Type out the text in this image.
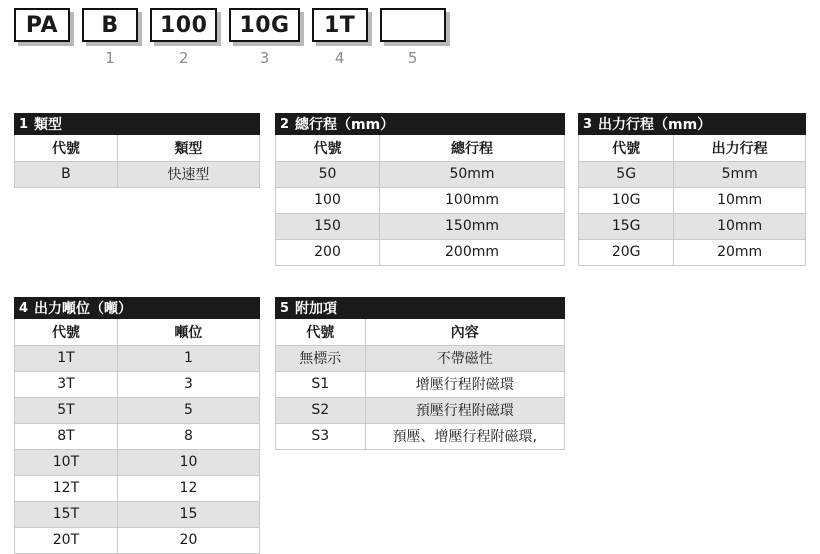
PA	B
1
100
2
10G
3
1T
4	5
1 類型
代號	類型
B	快速型
2 總行程（mm）
代號	總行程
50	50mm
100	100mm
150	150mm
200	200mm
3 出力行程（mm）
代號	出力行程
5G	5mm
10G	10mm
15G	10mm
20G	20mm
4 出力噸位（噸）
代號	噸位
1T	1
3T	3
5T	5
8T	8
10T	10
12T	12
15T	15
20T	20
5 附加項
代號	內容
無標示	不帶磁性
S1	增壓行程附磁環
S2	預壓行程附磁環
S3	預壓、增壓行程附磁環,
